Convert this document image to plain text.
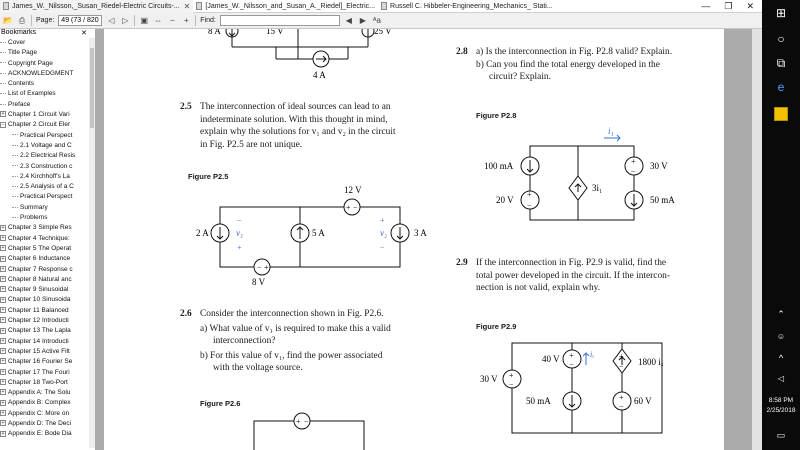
James_W._Nilsson,_Susan_Riedel-Electric Circuits-... ✕ [James_W._Nilsson_and_Susan_A._Riedel]_Electric... Russell C. Hibbeler-Engineering_Mechanics_ Stati...	— ❐ ✕
📂 ⎙ Page:
49 (73 / 820)	◁ ▷ ▣ ⇔ −	+	Find:	◀ ▶ ᴬa
Bookmarks	✕
Cover
Title Page
Copyright Page
ACKNOWLEDGMENT
Contents
List of Examples
Preface
+ Chapter 1 Circuit Vari
− Chapter 2 Circuit Eler
Practical Perspect
2.1 Voltage and C
2.2 Electrical Resis
2.3 Construction c
2.4 Kirchhoff's La
2.5 Analysis of a C
Practical Perspect
Summary
Problems
+ Chapter 3 Simple Res
+ Chapter 4 Technique:
+ Chapter 5 The Operat
+ Chapter 6 Inductance
+ Chapter 7 Response c
+ Chapter 8 Natural anc
+ Chapter 9 Sinusoidal
+ Chapter 10 Sinusoida
+ Chapter 11 Balanced
+ Chapter 12 Introducti
+ Chapter 13 The Lapla
+ Chapter 14 Introducti
+ Chapter 15 Active Filt
+ Chapter 16 Fourier Se
+ Chapter 17 The Fouri
+ Chapter 18 Two-Port
+ Appendix A: The Solu
+ Appendix B: Complex
+ Appendix C: More on
+ Appendix D: The Deci
+ Appendix E: Bode Dia
8 A	15 V	25 V
4 A
2.5 The interconnection of ideal sources can lead to an
indeterminate solution. With this thought in mind,
explain why the solutions for v₁ and v₂ in the circuit
in Fig. P2.5 are not unique.
Figure P2.5
12 V
+ −
2 A	v₁
−
+
5 A	v₂
+
−
3 A
− +
8 V
2.6 Consider the interconnection shown in Fig. P2.6.
a) What value of v₁ is required to make this a valid
interconnection?
b) For this value of v₁, find the power associated
with the voltage source.
Figure P2.6
+ −
2.8 a) Is the interconnection in Fig. P2.8 valid? Explain.
b) Can you find the total energy developed in the
circuit? Explain.
Figure P2.8
i₁
100 mA
20 V
+
−
3i₁
+
−
30 V
50 mA
2.9 If the interconnection in Fig. P2.9 is valid, find the
total power developed in the circuit. If the intercon-
nection is not valid, explain why.
Figure P2.9
40 V +
−
iₓ	+
− 1800 iₓ
30 V +
−
50 mA	+
−
60 V
⊞
○
⧉
e
⌃
☺
^
◁
8:58 PM
2/25/2018
▭
